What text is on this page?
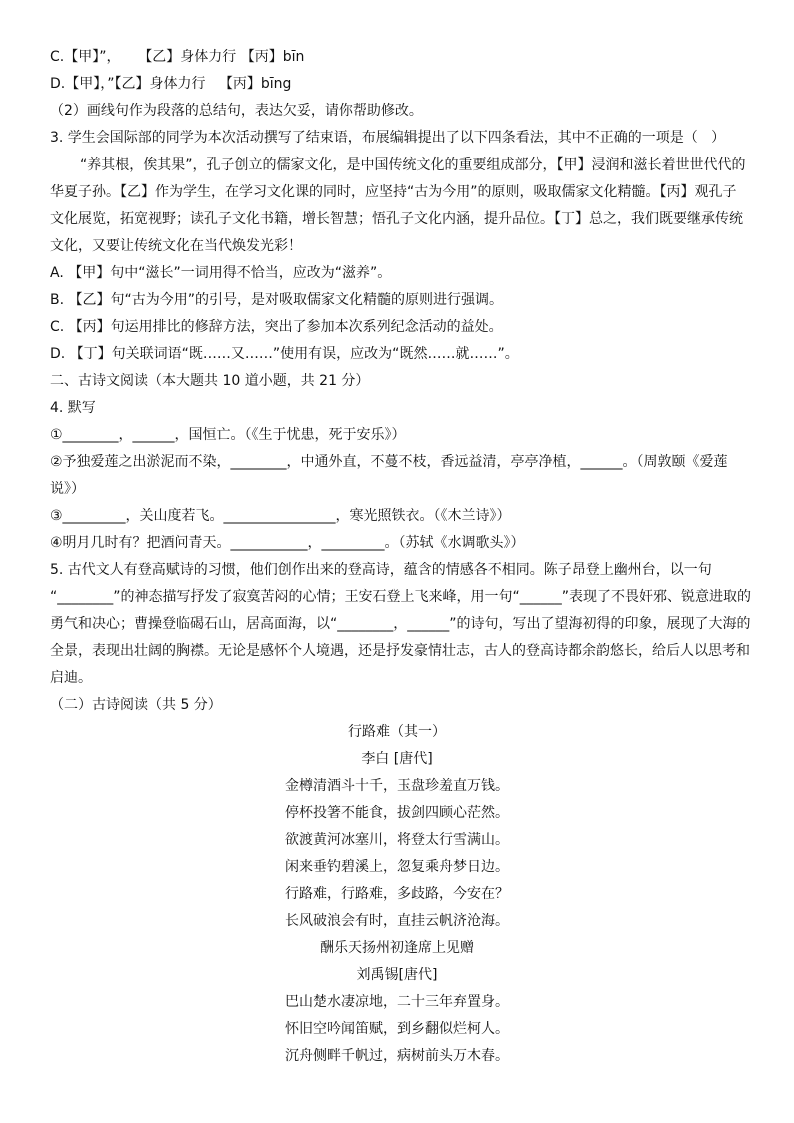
C.【甲】”，    【乙】身体力行 【丙】bīn
D.【甲】，”【乙】身体力行   【丙】bīng
（2）画线句作为段落的总结句，表达欠妥，请你帮助修改。
3. 学生会国际部的同学为本次活动撰写了结束语，布展编辑提出了以下四条看法，其中不正确的一项是（   ）
“养其根，俟其果”，孔子创立的儒家文化，是中国传统文化的重要组成部分，【甲】浸润和滋长着世世代代的
华夏子孙。【乙】作为学生，在学习文化课的同时，应坚持“古为今用”的原则，吸取儒家文化精髓。【丙】观孔子
文化展览，拓宽视野；读孔子文化书籍，增长智慧；悟孔子文化内涵，提升品位。【丁】总之，我们既要继承传统
文化，又要让传统文化在当代焕发光彩！
A. 【甲】句中“滋长”一词用得不恰当，应改为“滋养”。
B. 【乙】句“古为今用”的引号，是对吸取儒家文化精髓的原则进行强调。
C. 【丙】句运用排比的修辞方法，突出了参加本次系列纪念活动的益处。
D. 【丁】句关联词语“既……又……”使用有误，应改为“既然……就……”。
二、古诗文阅读（本大题共 10 道小题，共 21 分）
4. 默写
①________，______，国恒亡。（《生于忧患，死于安乐》）
②予独爱莲之出淤泥而不染，________，中通外直，不蔓不枝，香远益清，亭亭净植，______。（周敦颐《爱莲
说》）
③_________，关山度若飞。________________，寒光照铁衣。（《木兰诗》）
④明月几时有？把酒问青天。___________，_________。（苏轼《水调歌头》）
5. 古代文人有登高赋诗的习惯，他们创作出来的登高诗，蕴含的情感各不相同。陈子昂登上幽州台，以一句
“________”的神态描写抒发了寂寞苦闷的心情；王安石登上飞来峰，用一句“______”表现了不畏奸邪、锐意进取的
勇气和决心；曹操登临碣石山，居高面海，以“________，______”的诗句，写出了望海初得的印象，展现了大海的
全景，表现出壮阔的胸襟。无论是感怀个人境遇，还是抒发豪情壮志，古人的登高诗都余韵悠长，给后人以思考和
启迪。
（二）古诗阅读（共 5 分）
行路难（其一）
李白 [唐代]
金樽清酒斗十千，玉盘珍羞直万钱。
停杯投箸不能食，拔剑四顾心茫然。
欲渡黄河冰塞川，将登太行雪满山。
闲来垂钓碧溪上，忽复乘舟梦日边。
行路难，行路难，多歧路，今安在？
长风破浪会有时，直挂云帆济沧海。
酬乐天扬州初逢席上见赠
刘禹锡[唐代]
巴山楚水凄凉地，二十三年弃置身。
怀旧空吟闻笛赋，到乡翻似烂柯人。
沉舟侧畔千帆过，病树前头万木春。
